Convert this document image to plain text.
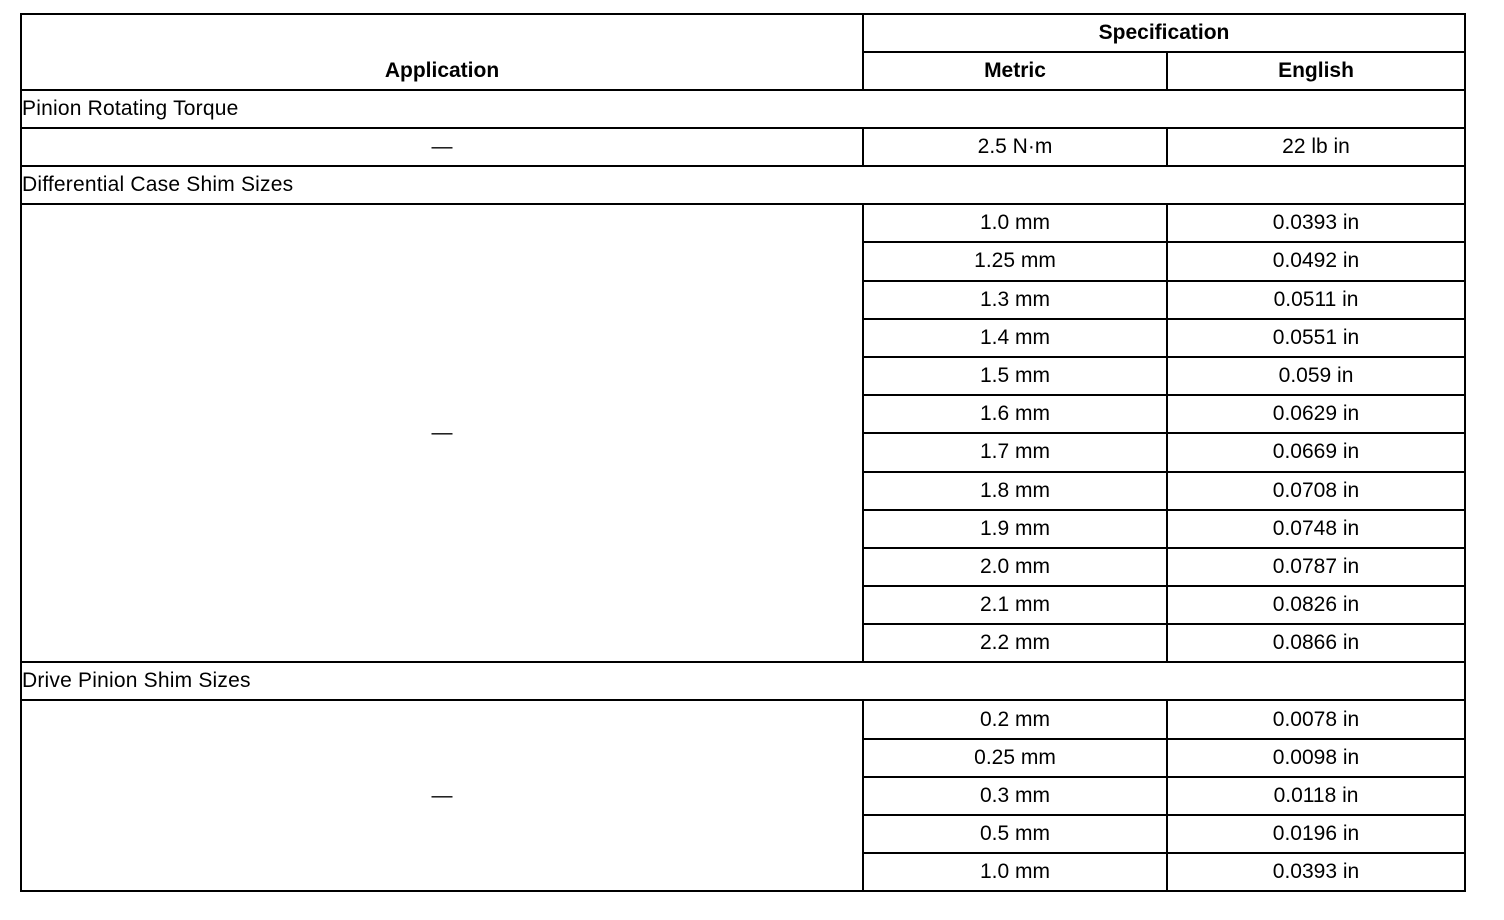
Application	Specification	
	Metric	English
Pinion Rotating Torque		
—	2.5 N·m	22 lb in
Differential Case Shim Sizes		
—	1.0 mm	0.0393 in
	1.25 mm	0.0492 in
	1.3 mm	0.0511 in
	1.4 mm	0.0551 in
	1.5 mm	0.059 in
	1.6 mm	0.0629 in
	1.7 mm	0.0669 in
	1.8 mm	0.0708 in
	1.9 mm	0.0748 in
	2.0 mm	0.0787 in
	2.1 mm	0.0826 in
	2.2 mm	0.0866 in
Drive Pinion Shim Sizes		
—	0.2 mm	0.0078 in
	0.25 mm	0.0098 in
	0.3 mm	0.0118 in
	0.5 mm	0.0196 in
	1.0 mm	0.0393 in
